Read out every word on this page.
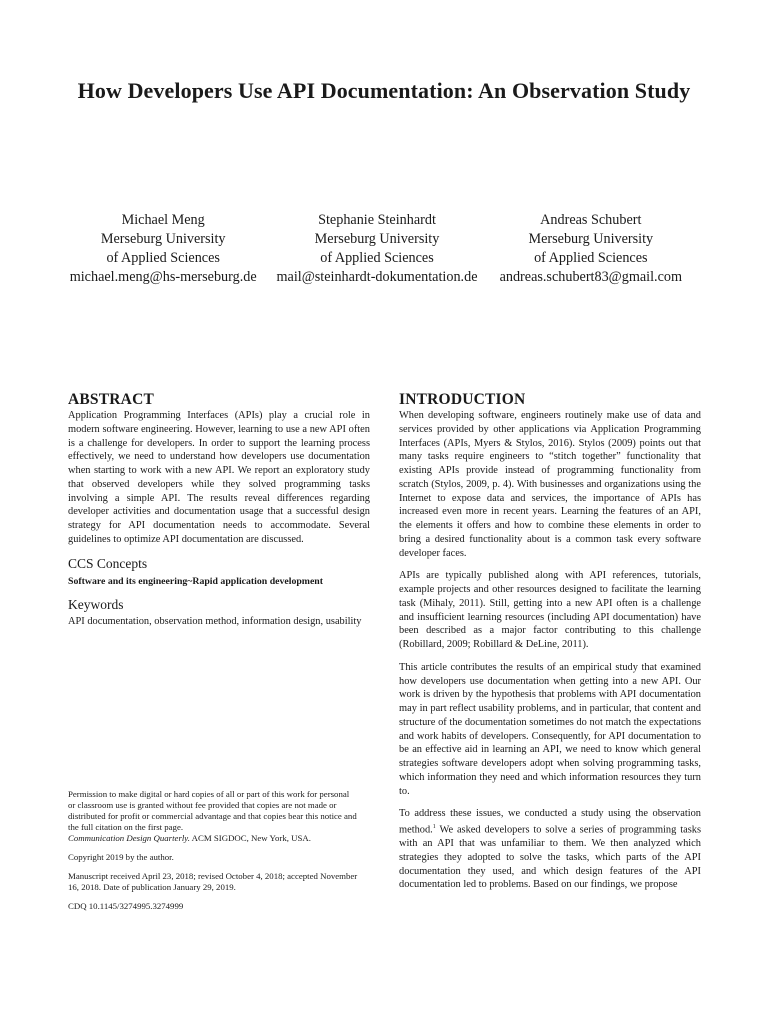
How Developers Use API Documentation: An Observation Study
Michael Meng
Merseburg University
of Applied Sciences
michael.meng@hs-merseburg.de
Stephanie Steinhardt
Merseburg University
of Applied Sciences
mail@steinhardt-dokumentation.de
Andreas Schubert
Merseburg University
of Applied Sciences
andreas.schubert83@gmail.com
ABSTRACT
Application Programming Interfaces (APIs) play a crucial role in modern software engineering. However, learning to use a new API often is a challenge for developers. In order to support the learning process effectively, we need to understand how developers use documentation when starting to work with a new API. We report an exploratory study that observed developers while they solved programming tasks involving a simple API. The results reveal differences regarding developer activities and documentation usage that a successful design strategy for API documentation needs to accommodate. Several guidelines to optimize API documentation are discussed.
CCS Concepts
Software and its engineering~Rapid application development
Keywords
API documentation, observation method, information design, usability
Permission to make digital or hard copies of all or part of this work for personal or classroom use is granted without fee provided that copies are not made or distributed for profit or commercial advantage and that copies bear this notice and the full citation on the first page.
Communication Design Quarterly. ACM SIGDOC, New York, USA.
Copyright 2019 by the author.
Manuscript received April 23, 2018; revised October 4, 2018; accepted November 16, 2018. Date of publication January 29, 2019.
CDQ 10.1145/3274995.3274999
INTRODUCTION
When developing software, engineers routinely make use of data and services provided by other applications via Application Programming Interfaces (APIs, Myers & Stylos, 2016). Stylos (2009) points out that many tasks require engineers to “stitch together” functionality that existing APIs provide instead of programming functionality from scratch (Stylos, 2009, p. 4). With businesses and organizations using the Internet to expose data and services, the importance of APIs has increased even more in recent years. Learning the features of an API, the elements it offers and how to combine these elements in order to bring a desired functionality about is a common task every software developer faces.
APIs are typically published along with API references, tutorials, example projects and other resources designed to facilitate the learning task (Mihaly, 2011). Still, getting into a new API often is a challenge and insufficient learning resources (including API documentation) have been described as a major factor contributing to this challenge (Robillard, 2009; Robillard & DeLine, 2011).
This article contributes the results of an empirical study that examined how developers use documentation when getting into a new API. Our work is driven by the hypothesis that problems with API documentation may in part reflect usability problems, and in particular, that content and structure of the documentation sometimes do not match the expectations and work habits of developers. Consequently, for API documentation to be an effective aid in learning an API, we need to know which general strategies software developers adopt when solving programming tasks, which information they need and which information resources they turn to.
To address these issues, we conducted a study using the observation method.$^1$ We asked developers to solve a series of programming tasks with an API that was unfamiliar to them. We then analyzed which strategies they adopted to solve the tasks, which parts of the API documentation they used, and which design features of the API documentation led to problems. Based on our findings, we propose
